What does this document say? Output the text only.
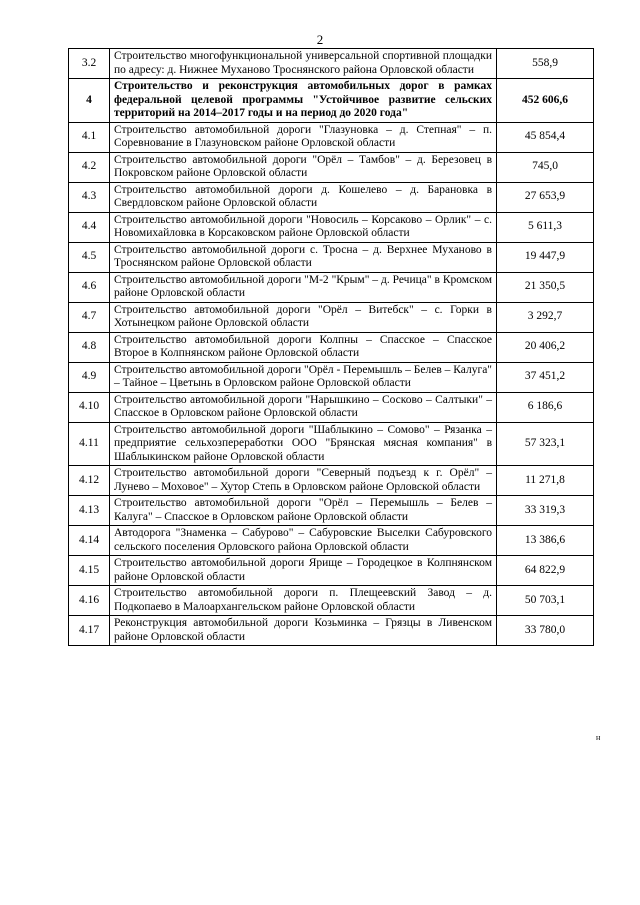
2
3.2	Строительство многофункциональной универсальной спортивной площадки по адресу: д. Нижнее Муханово Троснянского района Орловской области	558,9
4	Строительство и реконструкция автомобильных дорог в рамках федеральной целевой программы "Устойчивое развитие сельских территорий на 2014–2017 годы и на период до 2020 года"	452 606,6
4.1	Строительство автомобильной дороги "Глазуновка – д. Степная" – п. Соревнование в Глазуновском районе Орловской области	45 854,4
4.2	Строительство автомобильной дороги "Орёл – Тамбов" – д. Березовец в Покровском районе Орловской области	745,0
4.3	Строительство автомобильной дороги д. Кошелево – д. Барановка в Свердловском районе Орловской области	27 653,9
4.4	Строительство автомобильной дороги "Новосиль – Корсаково – Орлик" – с. Новомихайловка в Корсаковском районе Орловской области	5 611,3
4.5	Строительство автомобильной дороги с. Тросна – д. Верхнее Муханово в Троснянском районе Орловской области	19 447,9
4.6	Строительство автомобильной дороги "М-2 "Крым" – д. Речица" в Кромском районе Орловской области	21 350,5
4.7	Строительство автомобильной дороги "Орёл – Витебск" – с. Горки в Хотынецком районе Орловской области	3 292,7
4.8	Строительство автомобильной дороги Колпны – Спасское – Спасское Второе в Колпнянском районе Орловской области	20 406,2
4.9	Строительство автомобильной дороги "Орёл - Перемышль – Белев – Калуга" – Тайное – Цветынь в Орловском районе Орловской области	37 451,2
4.10	Строительство автомобильной дороги "Нарышкино – Сосково – Салтыки" – Спасское в Орловском районе Орловской области	6 186,6
4.11	Строительство автомобильной дороги "Шаблыкино – Сомово" – Рязанка – предприятие сельхозпереработки ООО "Брянская мясная компания" в Шаблыкинском районе Орловской области	57 323,1
4.12	Строительство автомобильной дороги "Северный подъезд к г. Орёл" – Лунево – Моховое" – Хутор Степь в Орловском районе Орловской области	11 271,8
4.13	Строительство автомобильной дороги "Орёл – Перемышль – Белев – Калуга" – Спасское в Орловском районе Орловской области	33 319,3
4.14	Автодорога "Знаменка – Сабурово" – Сабуровские Выселки Сабуровского сельского поселения Орловского района Орловской области	13 386,6
4.15	Строительство автомобильной дороги Ярище – Городецкое в Колпнянском районе Орловской области	64 822,9
4.16	Строительство автомобильной дороги п. Плещеевский Завод – д. Подкопаево в Малоархангельском районе Орловской области	50 703,1
4.17	Реконструкция автомобильной дороги Козьминка – Грязцы в Ливенском районе Орловской области	33 780,0
н
